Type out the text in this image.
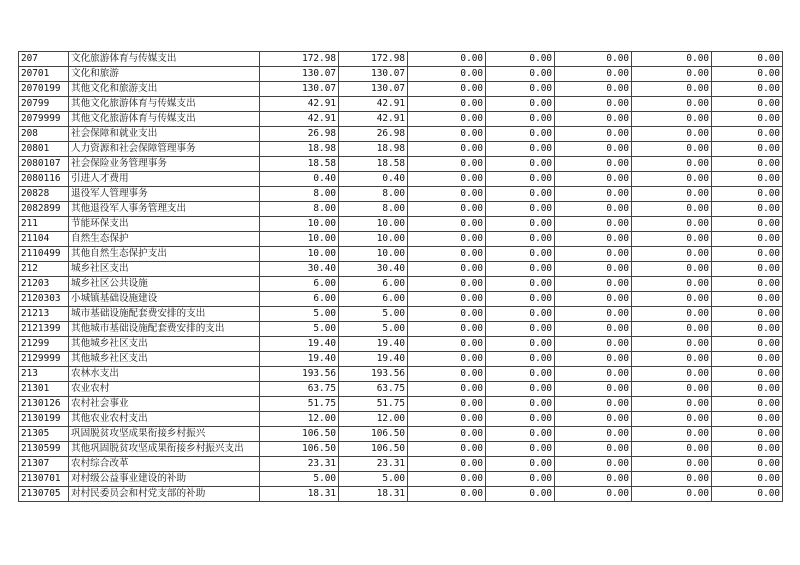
207	文化旅游体育与传媒支出	172.98	172.98	0.00	0.00	0.00	0.00	0.00
20701	文化和旅游	130.07	130.07	0.00	0.00	0.00	0.00	0.00
2070199	其他文化和旅游支出	130.07	130.07	0.00	0.00	0.00	0.00	0.00
20799	其他文化旅游体育与传媒支出	42.91	42.91	0.00	0.00	0.00	0.00	0.00
2079999	其他文化旅游体育与传媒支出	42.91	42.91	0.00	0.00	0.00	0.00	0.00
208	社会保障和就业支出	26.98	26.98	0.00	0.00	0.00	0.00	0.00
20801	人力资源和社会保障管理事务	18.98	18.98	0.00	0.00	0.00	0.00	0.00
2080107	社会保险业务管理事务	18.58	18.58	0.00	0.00	0.00	0.00	0.00
2080116	引进人才费用	0.40	0.40	0.00	0.00	0.00	0.00	0.00
20828	退役军人管理事务	8.00	8.00	0.00	0.00	0.00	0.00	0.00
2082899	其他退役军人事务管理支出	8.00	8.00	0.00	0.00	0.00	0.00	0.00
211	节能环保支出	10.00	10.00	0.00	0.00	0.00	0.00	0.00
21104	自然生态保护	10.00	10.00	0.00	0.00	0.00	0.00	0.00
2110499	其他自然生态保护支出	10.00	10.00	0.00	0.00	0.00	0.00	0.00
212	城乡社区支出	30.40	30.40	0.00	0.00	0.00	0.00	0.00
21203	城乡社区公共设施	6.00	6.00	0.00	0.00	0.00	0.00	0.00
2120303	小城镇基础设施建设	6.00	6.00	0.00	0.00	0.00	0.00	0.00
21213	城市基础设施配套费安排的支出	5.00	5.00	0.00	0.00	0.00	0.00	0.00
2121399	其他城市基础设施配套费安排的支出	5.00	5.00	0.00	0.00	0.00	0.00	0.00
21299	其他城乡社区支出	19.40	19.40	0.00	0.00	0.00	0.00	0.00
2129999	其他城乡社区支出	19.40	19.40	0.00	0.00	0.00	0.00	0.00
213	农林水支出	193.56	193.56	0.00	0.00	0.00	0.00	0.00
21301	农业农村	63.75	63.75	0.00	0.00	0.00	0.00	0.00
2130126	农村社会事业	51.75	51.75	0.00	0.00	0.00	0.00	0.00
2130199	其他农业农村支出	12.00	12.00	0.00	0.00	0.00	0.00	0.00
21305	巩固脱贫攻坚成果衔接乡村振兴	106.50	106.50	0.00	0.00	0.00	0.00	0.00
2130599	其他巩固脱贫攻坚成果衔接乡村振兴支出	106.50	106.50	0.00	0.00	0.00	0.00	0.00
21307	农村综合改革	23.31	23.31	0.00	0.00	0.00	0.00	0.00
2130701	对村级公益事业建设的补助	5.00	5.00	0.00	0.00	0.00	0.00	0.00
2130705	对村民委员会和村党支部的补助	18.31	18.31	0.00	0.00	0.00	0.00	0.00
